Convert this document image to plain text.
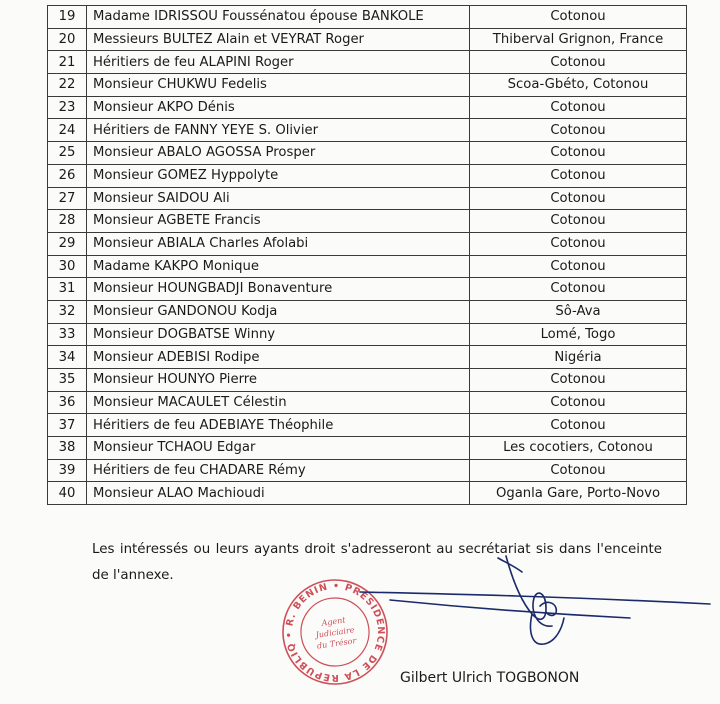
19	Madame IDRISSOU Foussénatou épouse BANKOLE	Cotonou
20	Messieurs BULTEZ Alain et VEYRAT Roger	Thiberval Grignon, France
21	Héritiers de feu ALAPINI Roger	Cotonou
22	Monsieur CHUKWU Fedelis	Scoa-Gbéto, Cotonou
23	Monsieur AKPO Dénis	Cotonou
24	Héritiers de FANNY YEYE S. Olivier	Cotonou
25	Monsieur ABALO AGOSSA Prosper	Cotonou
26	Monsieur GOMEZ Hyppolyte	Cotonou
27	Monsieur SAIDOU Ali	Cotonou
28	Monsieur AGBETE Francis	Cotonou
29	Monsieur ABIALA Charles Afolabi	Cotonou
30	Madame KAKPO Monique	Cotonou
31	Monsieur HOUNGBADJI Bonaventure	Cotonou
32	Monsieur GANDONOU Kodja	Sô-Ava
33	Monsieur DOGBATSE Winny	Lomé, Togo
34	Monsieur ADEBISI Rodipe	Nigéria
35	Monsieur HOUNYO Pierre	Cotonou
36	Monsieur MACAULET Célestin	Cotonou
37	Héritiers de feu ADEBIAYE Théophile	Cotonou
38	Monsieur TCHAOU Edgar	Les cocotiers, Cotonou
39	Héritiers de feu CHADARE Rémy	Cotonou
40	Monsieur ALAO Machioudi	Oganla Gare, Porto-Novo

Les intéressés ou leurs ayants droit s'adresseront au secrétariat sis dans l'enceinte de l'annexe.

• R. BENIN • PRESIDENCE DE LA REPUBLIQUE
Agent
Judiciaire
du Trésor
Gilbert Ulrich TOGBONON
